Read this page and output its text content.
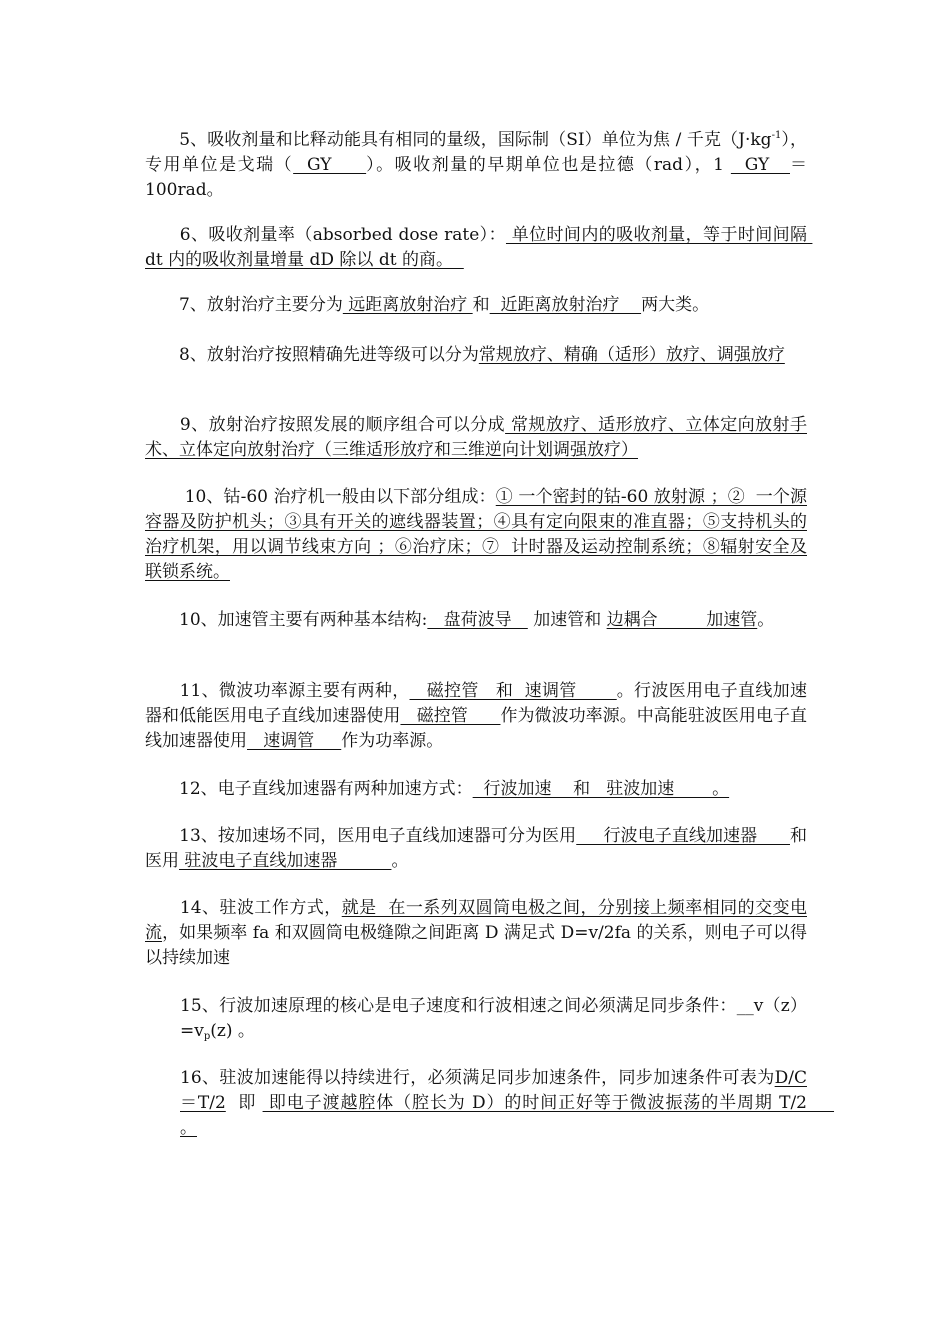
　　5、吸收剂量和比释动能具有相同的量级，国际制（SI）单位为焦 / 千克$(J\cdot kg^{-1})$，专用单位是戈瑞（  GY     ）。吸收剂量的早期单位也是拉德（rad），1   GY   ＝100rad。

　　6、吸收剂量率（absorbed dose rate）： 单位时间内的吸收剂量，等于时间间隔 dt 内的吸收剂量增量 dD 除以 dt 的商。

　　7、放射治疗主要分为 远距离放射治疗 和  近距离放射治疗    两大类。

　　8、放射治疗按照精确先进等级可以分为常规放疗、精确（适形）放疗、调强放疗

　　9、放射治疗按照发展的顺序组合可以分成 常规放疗、适形放疗、立体定向放射手术、立体定向放射治疗（三维适形放疗和三维逆向计划调强放疗）

　　 10、钴-60 治疗机一般由以下部分组成：① 一个密封的钴-60 放射源 ；②  一个源容器及防护机头；③具有开关的遮线器装置；④具有定向限束的准直器；⑤支持机头的治疗机架，用以调节线束方向 ；⑥治疗床；⑦  计时器及运动控制系统；⑧辐射安全及联锁系统。

　　10、加速管主要有两种基本结构:   盘荷波导    加速管和 边耦合         加速管。

　　11、微波功率源主要有两种，   磁控管   和  速调管       。行波医用电子直线加速器和低能医用电子直线加速器使用   磁控管      作为微波功率源。中高能驻波医用电子直线加速器使用   速调管     作为功率源。

　　12、电子直线加速器有两种加速方式：  行波加速    和   驻波加速       。

　　13、按加速场不同，医用电子直线加速器可分为医用     行波电子直线加速器      和医用 驻波电子直线加速器          。

　　14、驻波工作方式，就是  在一系列双圆筒电极之间，分别接上频率相同的交变电流，如果频率 fa 和双圆筒电极缝隙之间距离 D 满足式 D=v/2fa 的关系，则电子可以得以持续加速

15、行波加速原理的核心是电子速度和行波相速之间必须满足同步条件：$\_\_v(z)=v_p(z)$ 。

16、驻波加速能得以持续进行，必须满足同步加速条件，同步加速条件可表为D/C＝T/2  即  即电子渡越腔体（腔长为 D）的时间正好等于微波振荡的半周期 T/2     。
